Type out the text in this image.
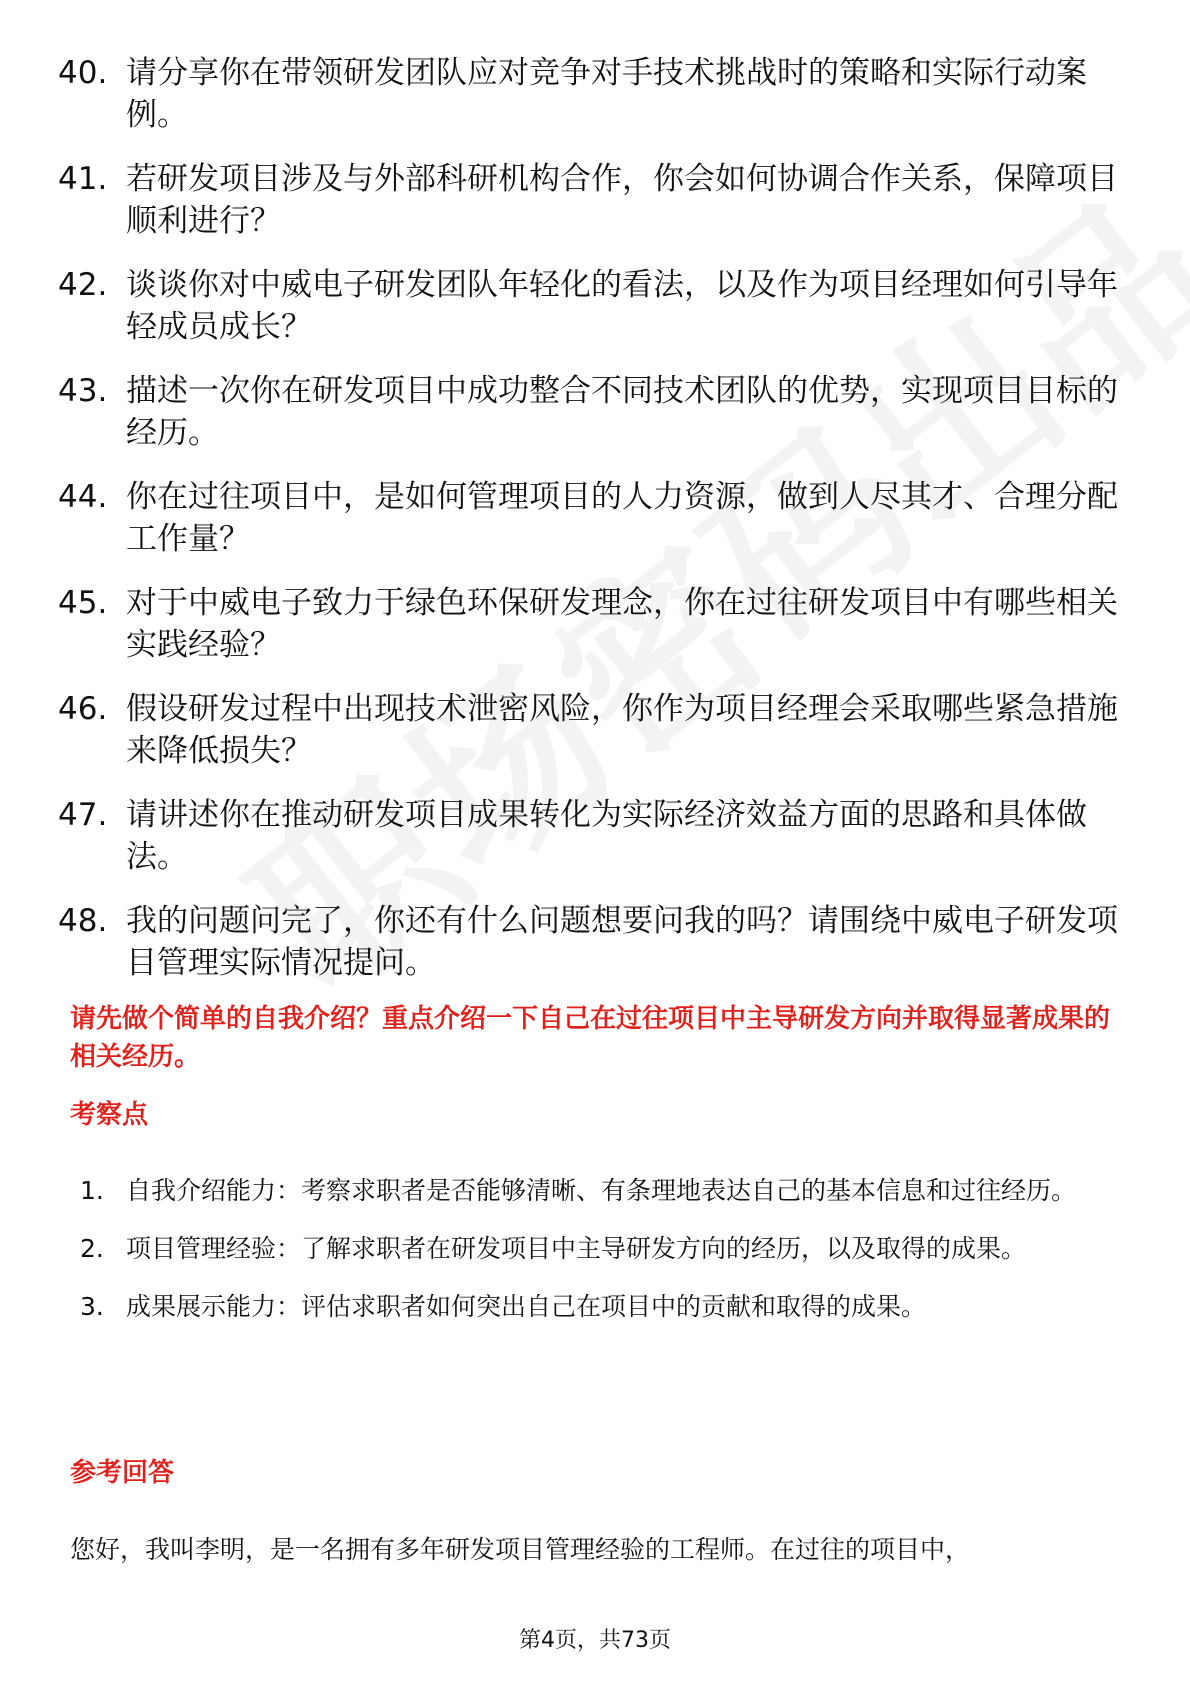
40. 请分享你在带领研发团队应对竞争对手技术挑战时的策略和实际行动案例。
41. 若研发项目涉及与外部科研机构合作，你会如何协调合作关系，保障项目顺利进行？
42. 谈谈你对中威电子研发团队年轻化的看法，以及作为项目经理如何引导年轻成员成长？
43. 描述一次你在研发项目中成功整合不同技术团队的优势，实现项目目标的经历。
44. 你在过往项目中，是如何管理项目的人力资源，做到人尽其才、合理分配工作量？
45. 对于中威电子致力于绿色环保研发理念，你在过往研发项目中有哪些相关实践经验？
46. 假设研发过程中出现技术泄密风险，你作为项目经理会采取哪些紧急措施来降低损失？
47. 请讲述你在推动研发项目成果转化为实际经济效益方面的思路和具体做法。
48. 我的问题问完了，你还有什么问题想要问我的吗？请围绕中威电子研发项目管理实际情况提问。
请先做个简单的自我介绍？重点介绍一下自己在过往项目中主导研发方向并取得显著成果的相关经历。
考察点
1. 自我介绍能力：考察求职者是否能够清晰、有条理地表达自己的基本信息和过往经历。
2. 项目管理经验：了解求职者在研发项目中主导研发方向的经历，以及取得的成果。
3. 成果展示能力：评估求职者如何突出自己在项目中的贡献和取得的成果。
参考回答
您好，我叫李明，是一名拥有多年研发项目管理经验的工程师。在过往的项目中，
第4页，共73页
